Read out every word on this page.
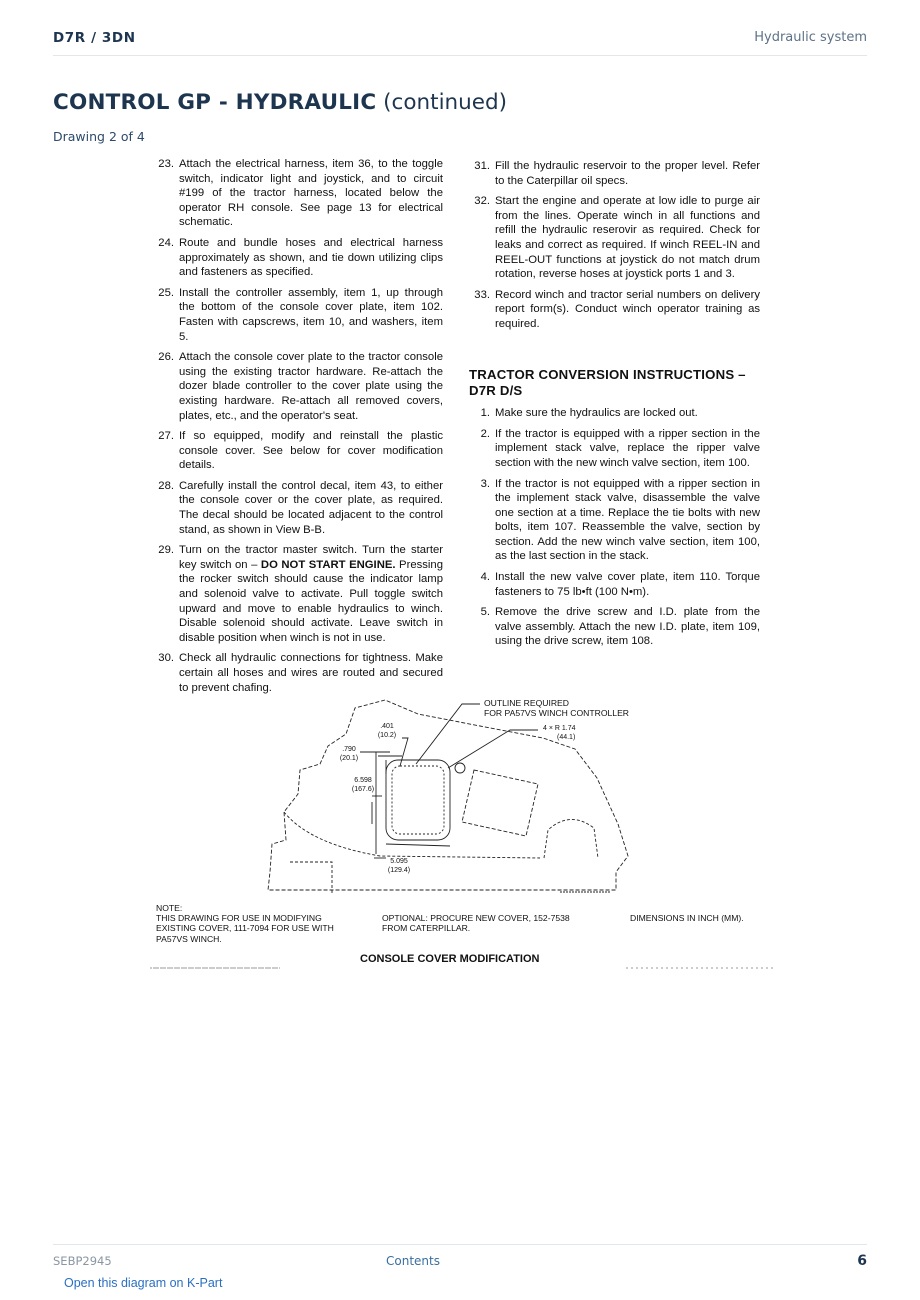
D7R / 3DN	Hydraulic system
CONTROL GP - HYDRAULIC (continued)
Drawing 2 of 4
23. Attach the electrical harness, item 36, to the toggle switch, indicator light and joystick, and to circuit #199 of the tractor harness, located below the operator RH console. See page 13 for electrical schematic.
24. Route and bundle hoses and electrical harness approximately as shown, and tie down utilizing clips and fasteners as specified.
25. Install the controller assembly, item 1, up through the bottom of the console cover plate, item 102. Fasten with capscrews, item 10, and washers, item 5.
26. Attach the console cover plate to the tractor console using the existing tractor hardware. Re-attach the dozer blade controller to the cover plate using the existing hardware. Re-attach all removed covers, plates, etc., and the operator's seat.
27. If so equipped, modify and reinstall the plastic console cover. See below for cover modification details.
28. Carefully install the control decal, item 43, to either the console cover or the cover plate, as required. The decal should be located adjacent to the control stand, as shown in View B-B.
29. Turn on the tractor master switch. Turn the starter key switch on – DO NOT START ENGINE. Pressing the rocker switch should cause the indicator lamp and solenoid valve to activate. Pull toggle switch upward and move to enable hydraulics to winch. Disable solenoid should activate. Leave switch in disable position when winch is not in use.
30. Check all hydraulic connections for tightness. Make certain all hoses and wires are routed and secured to prevent chafing.
31. Fill the hydraulic reservoir to the proper level. Refer to the Caterpillar oil specs.
32. Start the engine and operate at low idle to purge air from the lines. Operate winch in all functions and refill the hydraulic reserovir as required. Check for leaks and correct as required. If winch REEL-IN and REEL-OUT functions at joystick do not match drum rotation, reverse hoses at joystick ports 1 and 3.
33. Record winch and tractor serial numbers on delivery report form(s). Conduct winch operator training as required.
TRACTOR CONVERSION INSTRUCTIONS – D7R D/S
1. Make sure the hydraulics are locked out.
2. If the tractor is equipped with a ripper section in the implement stack valve, replace the ripper valve section with the new winch valve section, item 100.
3. If the tractor is not equipped with a ripper section in the implement stack valve, disassemble the valve one section at a time. Replace the tie bolts with new bolts, item 107. Reassemble the valve, section by section. Add the new winch valve section, item 100, as the last section in the stack.
4. Install the new valve cover plate, item 110. Torque fasteners to 75 lb•ft (100 N•m).
5. Remove the drive screw and I.D. plate from the valve assembly. Attach the new I.D. plate, item 109, using the drive screw, item 108.
OUTLINE REQUIRED
FOR PA57VS WINCH CONTROLLER
4 × R 1.74
(44.1)
.401
(10.2)
.790
(20.1)
6.598
(167.6)
5.095
(129.4)
NOTE:
THIS DRAWING FOR USE IN MODIFYING
EXISTING COVER, 111-7094 FOR USE WITH
PA57VS WINCH.
OPTIONAL: PROCURE NEW COVER, 152-7538
FROM CATERPILLAR.
DIMENSIONS IN INCH (MM).
CONSOLE COVER MODIFICATION
SEBP2945	Contents	6
Open this diagram on K-Part
